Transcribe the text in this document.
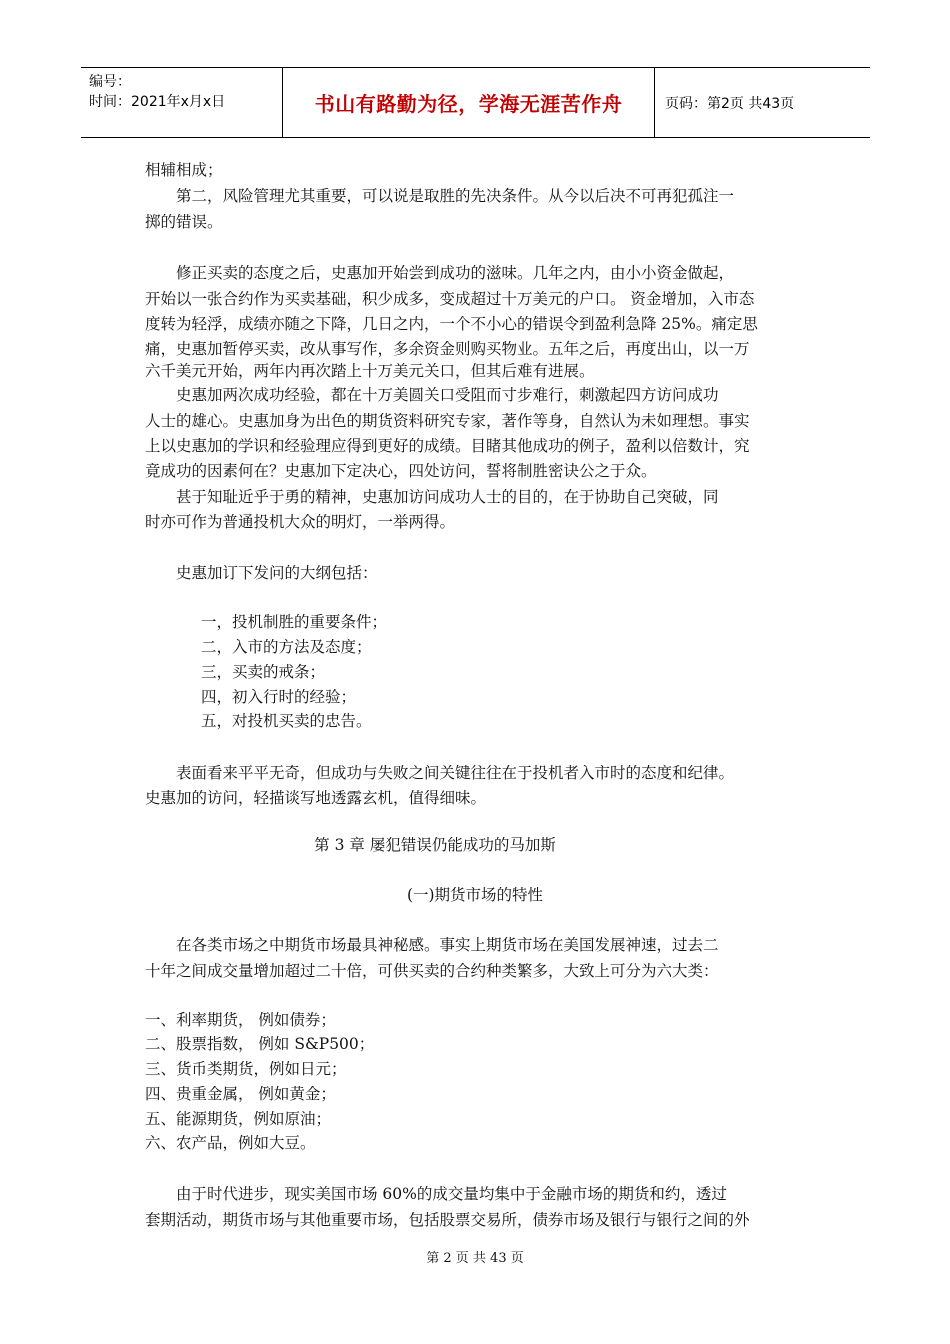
编号：
时间：2021年x月x日	书山有路勤为径，学海无涯苦作舟	页码：第2页 共43页
相辅相成；
　　第二，风险管理尤其重要，可以说是取胜的先决条件。从今以后决不可再犯孤注一
掷的错误。
　　修正买卖的态度之后，史惠加开始尝到成功的滋味。几年之内，由小小资金做起，
开始以一张合约作为买卖基础，积少成多，变成超过十万美元的户口。 资金增加，入市态
度转为轻浮，成绩亦随之下降，几日之内，一个不小心的错误令到盈利急降 25%。痛定思
痛，史惠加暂停买卖，改从事写作，多余资金则购买物业。五年之后，再度出山，以一万
六千美元开始，两年内再次踏上十万美元关口，但其后难有进展。
　　史惠加两次成功经验，都在十万美圆关口受阻而寸步难行，刺激起四方访问成功
人士的雄心。史惠加身为出色的期货资料研究专家，著作等身，自然认为未如理想。事实
上以史惠加的学识和经验理应得到更好的成绩。目睹其他成功的例子，盈利以倍数计，究
竟成功的因素何在？史惠加下定决心，四处访问，誓将制胜密诀公之于众。
　　甚于知耻近乎于勇的精神，史惠加访问成功人士的目的，在于协助自己突破，同
时亦可作为普通投机大众的明灯，一举两得。
　　史惠加订下发问的大纲包括：
　　一，投机制胜的重要条件；
　　二，入市的方法及态度；
　　三，买卖的戒条；
　　四，初入行时的经验；
　　五，对投机买卖的忠告。
　　表面看来平平无奇，但成功与失败之间关键往往在于投机者入市时的态度和纪律。
史惠加的访问，轻描谈写地透露玄机，值得细味。
第 3 章 屡犯错误仍能成功的马加斯
(一)期货市场的特性
　　在各类市场之中期货市场最具神秘感。事实上期货市场在美国发展神速，过去二
十年之间成交量增加超过二十倍，可供买卖的合约种类繁多，大致上可分为六大类：
一、利率期货， 例如债券；
二、股票指数， 例如 S&P500；
三、货币类期货，例如日元；
四、贵重金属， 例如黄金；
五、能源期货，例如原油；
六、农产品，例如大豆。
　　由于时代进步，现实美国市场 60%的成交量均集中于金融市场的期货和约，透过
套期活动，期货市场与其他重要市场，包括股票交易所，债券市场及银行与银行之间的外
第 2 页 共 43 页
